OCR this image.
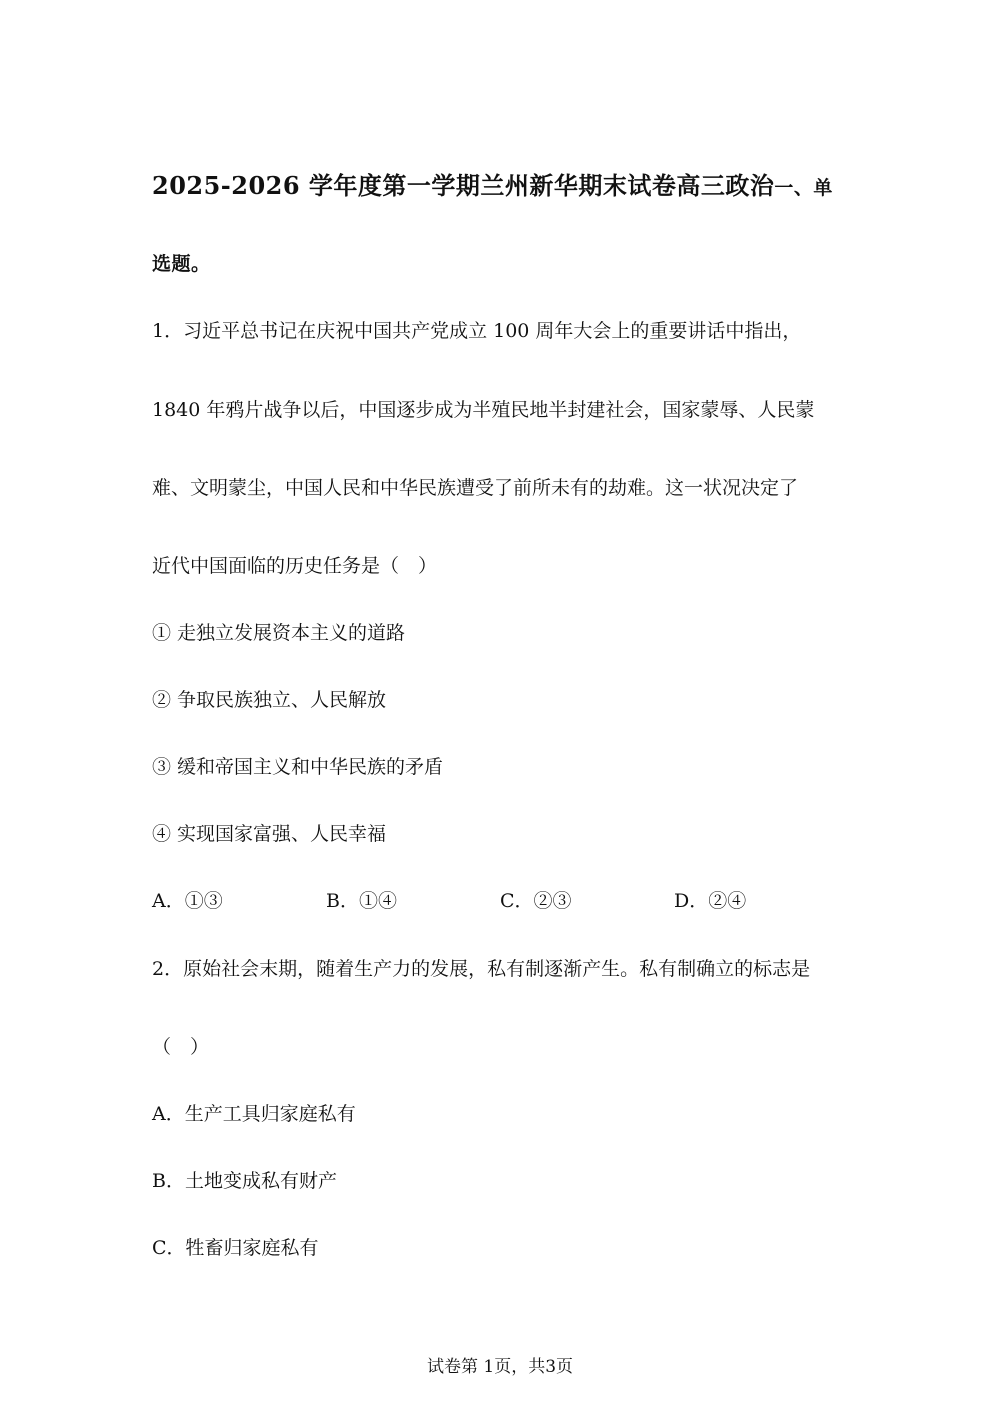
2025-2026 学年度第一学期兰州新华期末试卷高三政治一、单
选题。
1．习近平总书记在庆祝中国共产党成立 100 周年大会上的重要讲话中指出，
1840 年鸦片战争以后，中国逐步成为半殖民地半封建社会，国家蒙辱、人民蒙
难、文明蒙尘，中国人民和中华民族遭受了前所未有的劫难。这一状况决定了
近代中国面临的历史任务是（　）
① 走独立发展资本主义的道路
② 争取民族独立、人民解放
③ 缓和帝国主义和中华民族的矛盾
④ 实现国家富强、人民幸福
A．①③	B．①④	C．②③	D．②④
2．原始社会末期，随着生产力的发展，私有制逐渐产生。私有制确立的标志是
（　）
A．生产工具归家庭私有
B．土地变成私有财产
C．牲畜归家庭私有
试卷第 1页，共3页
